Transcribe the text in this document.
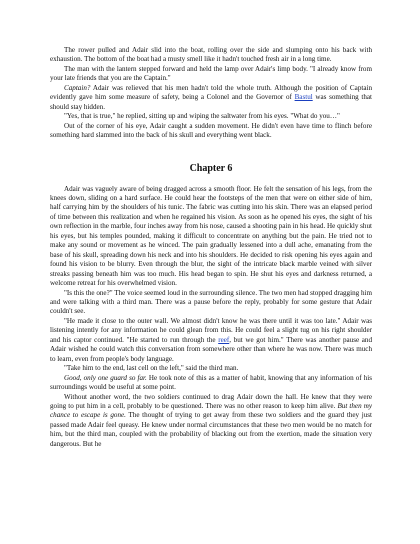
The rower pulled and Adair slid into the boat, rolling over the side and slumping onto his back with exhaustion. The bottom of the boat had a musty smell like it hadn't touched fresh air in a long time.

The man with the lantern stepped forward and held the lamp over Adair's limp body. "I already know from your late friends that you are the Captain."

Captain? Adair was relieved that his men hadn't told the whole truth. Although the position of Captain evidently gave him some measure of safety, being a Colonel and the Governor of Bastul was something that should stay hidden.

"Yes, that is true," he replied, sitting up and wiping the saltwater from his eyes. "What do you…"

Out of the corner of his eye, Adair caught a sudden movement. He didn't even have time to flinch before something hard slammed into the back of his skull and everything went black.

Chapter 6

Adair was vaguely aware of being dragged across a smooth floor. He felt the sensation of his legs, from the knees down, sliding on a hard surface. He could hear the footsteps of the men that were on either side of him, half carrying him by the shoulders of his tunic. The fabric was cutting into his skin. There was an elapsed period of time between this realization and when he regained his vision. As soon as he opened his eyes, the sight of his own reflection in the marble, four inches away from his nose, caused a shooting pain in his head. He quickly shut his eyes, but his temples pounded, making it difficult to concentrate on anything but the pain. He tried not to make any sound or movement as he winced. The pain gradually lessened into a dull ache, emanating from the base of his skull, spreading down his neck and into his shoulders. He decided to risk opening his eyes again and found his vision to be blurry. Even through the blur, the sight of the intricate black marble veined with silver streaks passing beneath him was too much. His head began to spin. He shut his eyes and darkness returned, a welcome retreat for his overwhelmed vision.

"Is this the one?" The voice seemed loud in the surrounding silence. The two men had stopped dragging him and were talking with a third man. There was a pause before the reply, probably for some gesture that Adair couldn't see.

"He made it close to the outer wall. We almost didn't know he was there until it was too late." Adair was listening intently for any information he could glean from this. He could feel a slight tug on his right shoulder and his captor continued. "He started to run through the reef, but we got him." There was another pause and Adair wished he could watch this conversation from somewhere other than where he was now. There was much to learn, even from people's body language.

"Take him to the end, last cell on the left," said the third man.

Good, only one guard so far. He took note of this as a matter of habit, knowing that any information of his surroundings would be useful at some point.

Without another word, the two soldiers continued to drag Adair down the hall. He knew that they were going to put him in a cell, probably to be questioned. There was no other reason to keep him alive. But then my chance to escape is gone. The thought of trying to get away from these two soldiers and the guard they just passed made Adair feel queasy. He knew under normal circumstances that these two men would be no match for him, but the third man, coupled with the probability of blacking out from the exertion, made the situation very dangerous. But he
